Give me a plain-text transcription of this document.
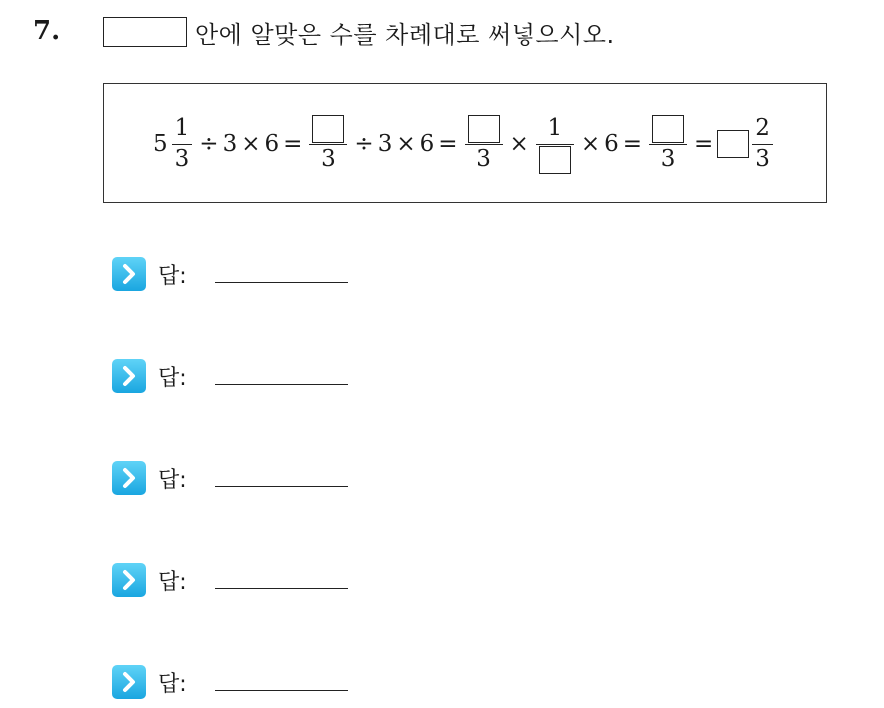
7.	안에 알맞은 수를 차례대로 써넣으시오.
$5 \frac{1}{3} \div 3 \times 6$ =
3
÷ 3 × 6 =
3
×
1
× 6 =
3
= $\frac{2}{3}$
답:
답:
답:
답:
답:
